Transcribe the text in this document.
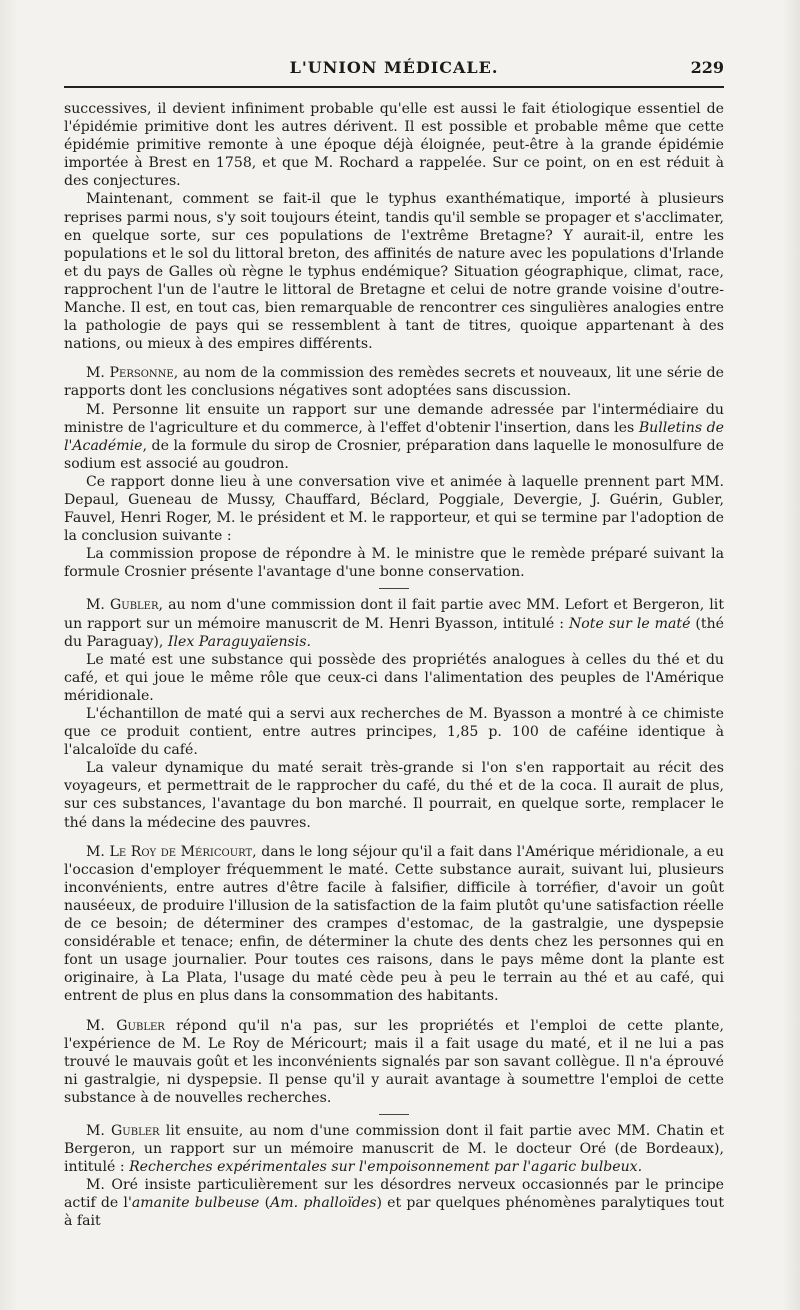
L'UNION MÉDICALE.	229

successives, il devient infiniment probable qu'elle est aussi le fait étiologique essentiel de l'épidémie primitive dont les autres dérivent. Il est possible et probable même que cette épidémie primitive remonte à une époque déjà éloignée, peut-être à la grande épidémie importée à Brest en 1758, et que M. Rochard a rappelée. Sur ce point, on en est réduit à des conjectures.

Maintenant, comment se fait-il que le typhus exanthématique, importé à plusieurs reprises parmi nous, s'y soit toujours éteint, tandis qu'il semble se propager et s'acclimater, en quelque sorte, sur ces populations de l'extrême Bretagne? Y aurait-il, entre les populations et le sol du littoral breton, des affinités de nature avec les populations d'Irlande et du pays de Galles où règne le typhus endémique? Situation géographique, climat, race, rapprochent l'un de l'autre le littoral de Bretagne et celui de notre grande voisine d'outre-Manche. Il est, en tout cas, bien remarquable de rencontrer ces singulières analogies entre la pathologie de pays qui se ressemblent à tant de titres, quoique appartenant à des nations, ou mieux à des empires différents.

M. Personne, au nom de la commission des remèdes secrets et nouveaux, lit une série de rapports dont les conclusions négatives sont adoptées sans discussion.

M. Personne lit ensuite un rapport sur une demande adressée par l'intermédiaire du ministre de l'agriculture et du commerce, à l'effet d'obtenir l'insertion, dans les Bulletins de l'Académie, de la formule du sirop de Crosnier, préparation dans laquelle le monosulfure de sodium est associé au goudron.

Ce rapport donne lieu à une conversation vive et animée à laquelle prennent part MM. Depaul, Gueneau de Mussy, Chauffard, Béclard, Poggiale, Devergie, J. Guérin, Gubler, Fauvel, Henri Roger, M. le président et M. le rapporteur, et qui se termine par l'adoption de la conclusion suivante :

La commission propose de répondre à M. le ministre que le remède préparé suivant la formule Crosnier présente l'avantage d'une bonne conservation.

M. Gubler, au nom d'une commission dont il fait partie avec MM. Lefort et Bergeron, lit un rapport sur un mémoire manuscrit de M. Henri Byasson, intitulé : Note sur le maté (thé du Paraguay), Ilex Paraguyaïensis.

Le maté est une substance qui possède des propriétés analogues à celles du thé et du café, et qui joue le même rôle que ceux-ci dans l'alimentation des peuples de l'Amérique méridionale.

L'échantillon de maté qui a servi aux recherches de M. Byasson a montré à ce chimiste que ce produit contient, entre autres principes, 1,85 p. 100 de caféine identique à l'alcaloïde du café.

La valeur dynamique du maté serait très-grande si l'on s'en rapportait au récit des voyageurs, et permettrait de le rapprocher du café, du thé et de la coca. Il aurait de plus, sur ces substances, l'avantage du bon marché. Il pourrait, en quelque sorte, remplacer le thé dans la médecine des pauvres.

M. Le Roy de Méricourt, dans le long séjour qu'il a fait dans l'Amérique méridionale, a eu l'occasion d'employer fréquemment le maté. Cette substance aurait, suivant lui, plusieurs inconvénients, entre autres d'être facile à falsifier, difficile à torréfier, d'avoir un goût nauséeux, de produire l'illusion de la satisfaction de la faim plutôt qu'une satisfaction réelle de ce besoin; de déterminer des crampes d'estomac, de la gastralgie, une dyspepsie considérable et tenace; enfin, de déterminer la chute des dents chez les personnes qui en font un usage journalier. Pour toutes ces raisons, dans le pays même dont la plante est originaire, à La Plata, l'usage du maté cède peu à peu le terrain au thé et au café, qui entrent de plus en plus dans la consommation des habitants.

M. Gubler répond qu'il n'a pas, sur les propriétés et l'emploi de cette plante, l'expérience de M. Le Roy de Méricourt; mais il a fait usage du maté, et il ne lui a pas trouvé le mauvais goût et les inconvénients signalés par son savant collègue. Il n'a éprouvé ni gastralgie, ni dyspepsie. Il pense qu'il y aurait avantage à soumettre l'emploi de cette substance à de nouvelles recherches.

M. Gubler lit ensuite, au nom d'une commission dont il fait partie avec MM. Chatin et Bergeron, un rapport sur un mémoire manuscrit de M. le docteur Oré (de Bordeaux), intitulé : Recherches expérimentales sur l'empoisonnement par l'agaric bulbeux.

M. Oré insiste particulièrement sur les désordres nerveux occasionnés par le principe actif de l'amanite bulbeuse (Am. phalloïdes) et par quelques phénomènes paralytiques tout à fait
